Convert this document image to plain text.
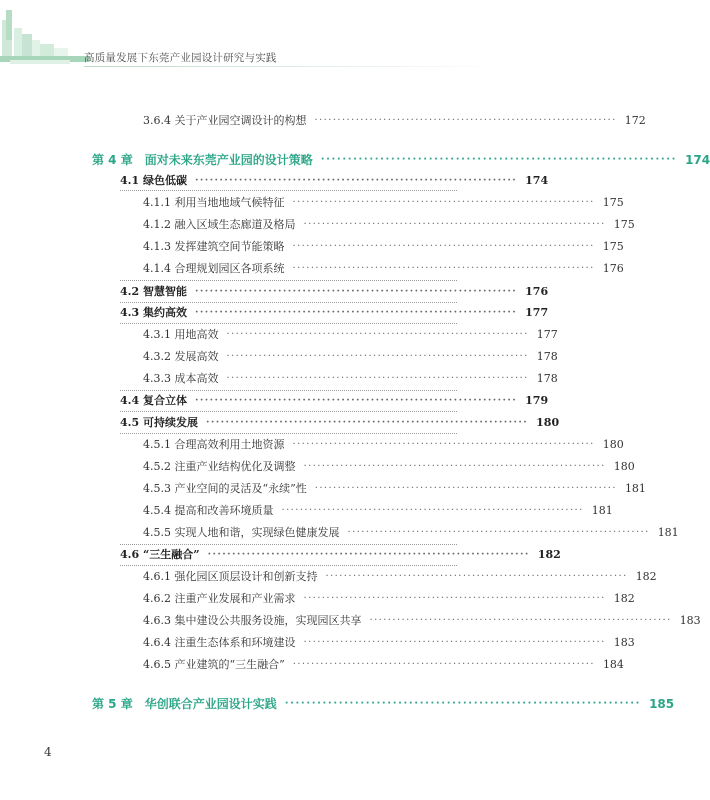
高质量发展下东莞产业园设计研究与实践
3.6.4 关于产业园空调设计的构想 ·································································· 172
第 4 章 面对未来东莞产业园的设计策略 ·································································· 174
4.1 绿色低碳 ·································································· 174
4.1.1 利用当地地域气候特征 ·································································· 175
4.1.2 融入区域生态廊道及格局 ·································································· 175
4.1.3 发挥建筑空间节能策略 ·································································· 175
4.1.4 合理规划园区各项系统 ·································································· 176
4.2 智慧智能 ·································································· 176
4.3 集约高效 ·································································· 177
4.3.1 用地高效 ·································································· 177
4.3.2 发展高效 ·································································· 178
4.3.3 成本高效 ·································································· 178
4.4 复合立体 ·································································· 179
4.5 可持续发展 ·································································· 180
4.5.1 合理高效利用土地资源 ·································································· 180
4.5.2 注重产业结构优化及调整 ·································································· 180
4.5.3 产业空间的灵活及“永续”性 ·································································· 181
4.5.4 提高和改善环境质量 ·································································· 181
4.5.5 实现人地和谐，实现绿色健康发展 ·································································· 181
4.6 “三生融合” ·································································· 182
4.6.1 强化园区顶层设计和创新支持 ·································································· 182
4.6.2 注重产业发展和产业需求 ·································································· 182
4.6.3 集中建设公共服务设施，实现园区共享 ·································································· 183
4.6.4 注重生态体系和环境建设 ·································································· 183
4.6.5 产业建筑的“三生融合” ·································································· 184
第 5 章 华创联合产业园设计实践 ·································································· 185
4
